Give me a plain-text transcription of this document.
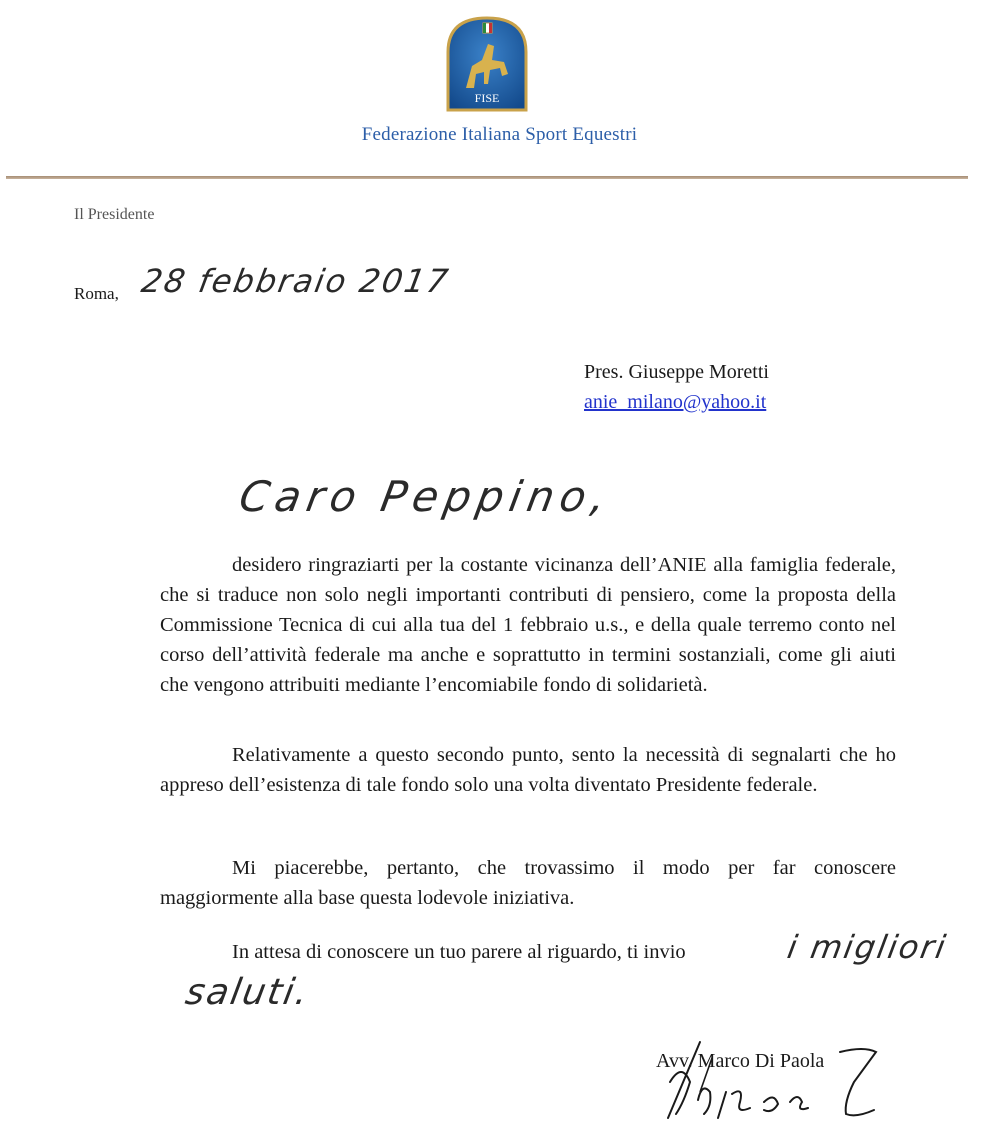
FISE
Federazione Italiana Sport Equestri
Il Presidente
Roma, 28 febbraio 2017
Pres. Giuseppe Moretti
anie_milano@yahoo.it
Caro Peppino,
desidero ringraziarti per la costante vicinanza dell’ANIE alla famiglia federale, che si traduce non solo negli importanti contributi di pensiero, come la proposta della Commissione Tecnica di cui alla tua del 1 febbraio u.s., e della quale terremo conto nel corso dell’attività federale ma anche e soprattutto in termini sostanziali, come gli aiuti che vengono attribuiti mediante l’encomiabile fondo di solidarietà.
Relativamente a questo secondo punto, sento la necessità di segnalarti che ho appreso dell’esistenza di tale fondo solo una volta diventato Presidente federale.
Mi piacerebbe, pertanto, che trovassimo il modo per far conoscere maggiormente alla base questa lodevole iniziativa.
In attesa di conoscere un tuo parere al riguardo, ti invio	i migliori
saluti.
Avv. Marco Di Paola
